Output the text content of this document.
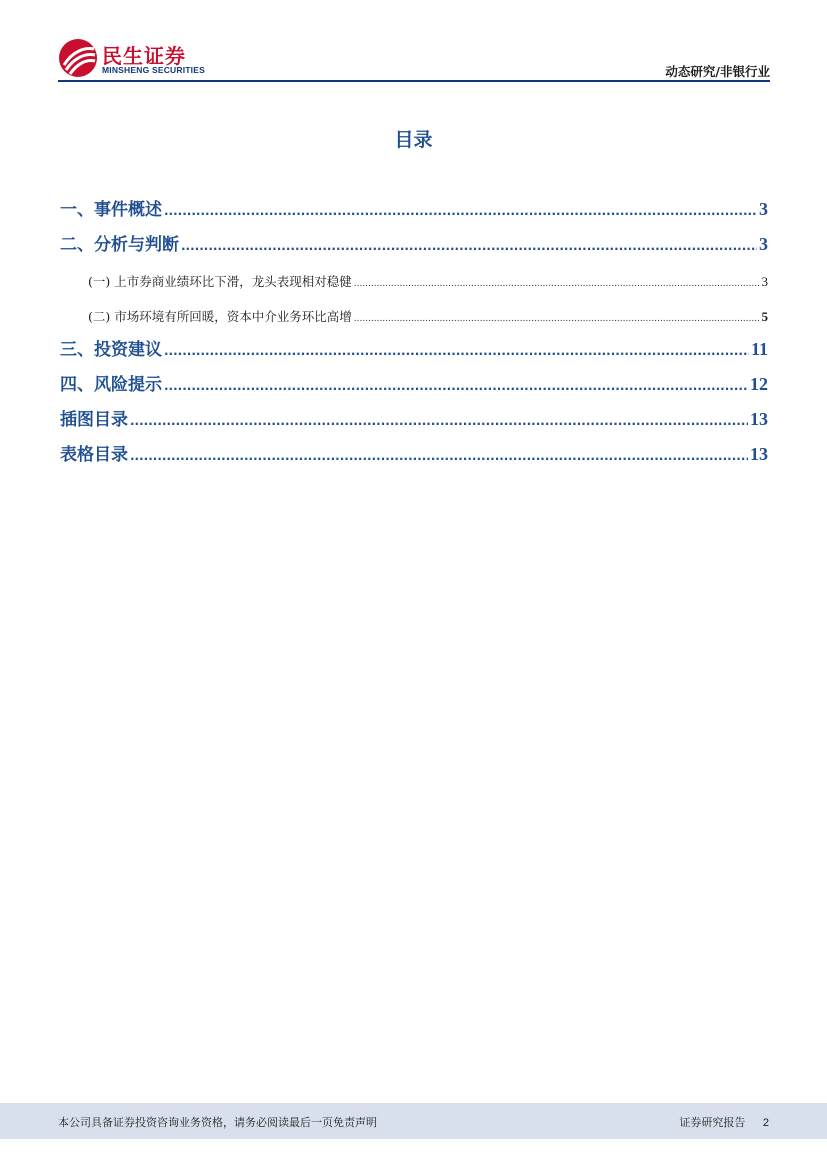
民生证券
MINSHENG SECURITIES	动态研究/非银行业
目录
一、事件概述 .....	3
二、分析与判断 .....	3
(一) 上市券商业绩环比下滑，龙头表现相对稳健 .....	3
(二) 市场环境有所回暖，资本中介业务环比高增 .....	5
三、投资建议 .....	11
四、风险提示 .....	12
插图目录 .....	13
表格目录 .....	13
本公司具备证券投资咨询业务资格，请务必阅读最后一页免责声明	证券研究报告 2
